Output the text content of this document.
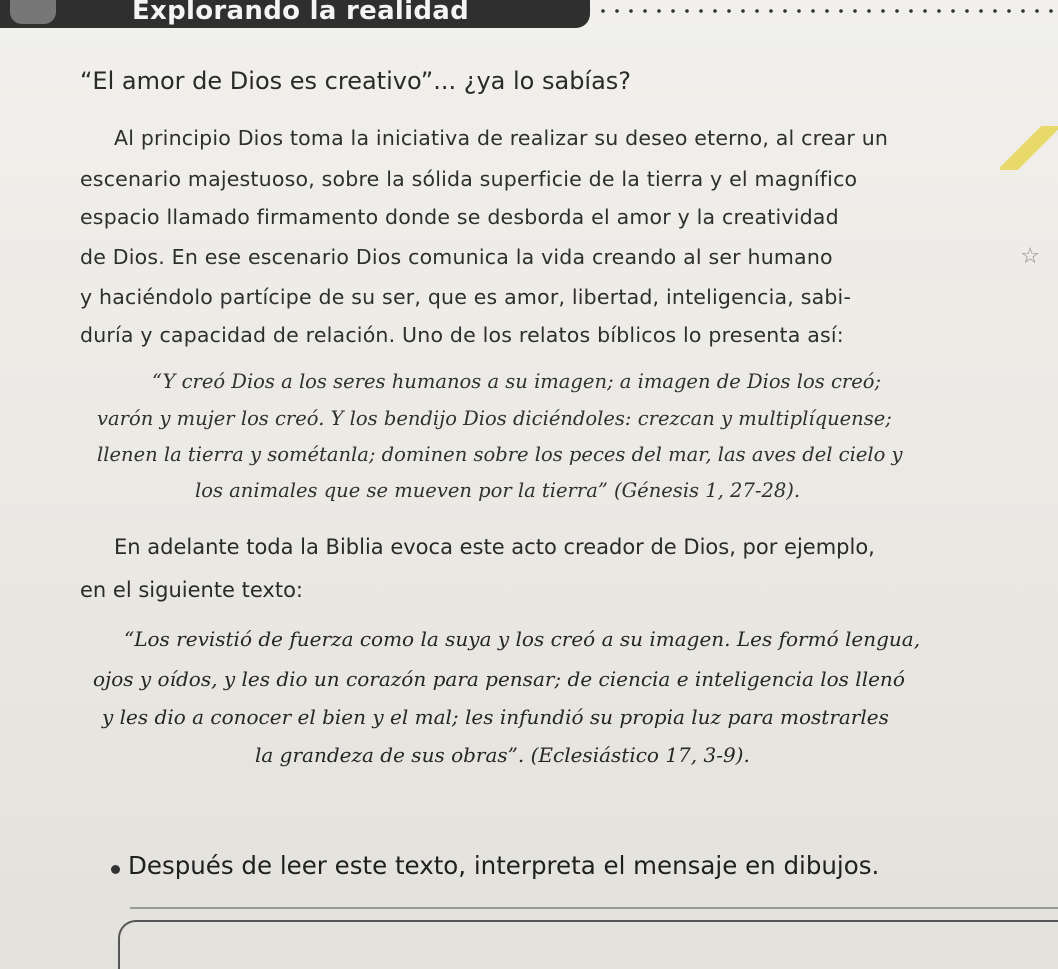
Explorando la realidad
☆
“El amor de Dios es creativo”... ¿ya lo sabías?
Al principio Dios toma la iniciativa de realizar su deseo eterno, al crear un
escenario majestuoso, sobre la sólida superficie de la tierra y el magnífico
espacio llamado firmamento donde se desborda el amor y la creatividad
de Dios. En ese escenario Dios comunica la vida creando al ser humano
y haciéndolo partícipe de su ser, que es amor, libertad, inteligencia, sabi-
duría y capacidad de relación. Uno de los relatos bíblicos lo presenta así:
“Y creó Dios a los seres humanos a su imagen; a imagen de Dios los creó;
varón y mujer los creó. Y los bendijo Dios diciéndoles: crezcan y multiplíquense;
llenen la tierra y sométanla; dominen sobre los peces del mar, las aves del cielo y
los animales que se mueven por la tierra” (Génesis 1, 27-28).
En adelante toda la Biblia evoca este acto creador de Dios, por ejemplo,
en el siguiente texto:
“Los revistió de fuerza como la suya y los creó a su imagen. Les formó lengua,
ojos y oídos, y les dio un corazón para pensar; de ciencia e inteligencia los llenó
y les dio a conocer el bien y el mal; les infundió su propia luz para mostrarles
la grandeza de sus obras”. (Eclesiástico 17, 3-9).
Después de leer este texto, interpreta el mensaje en dibujos.
